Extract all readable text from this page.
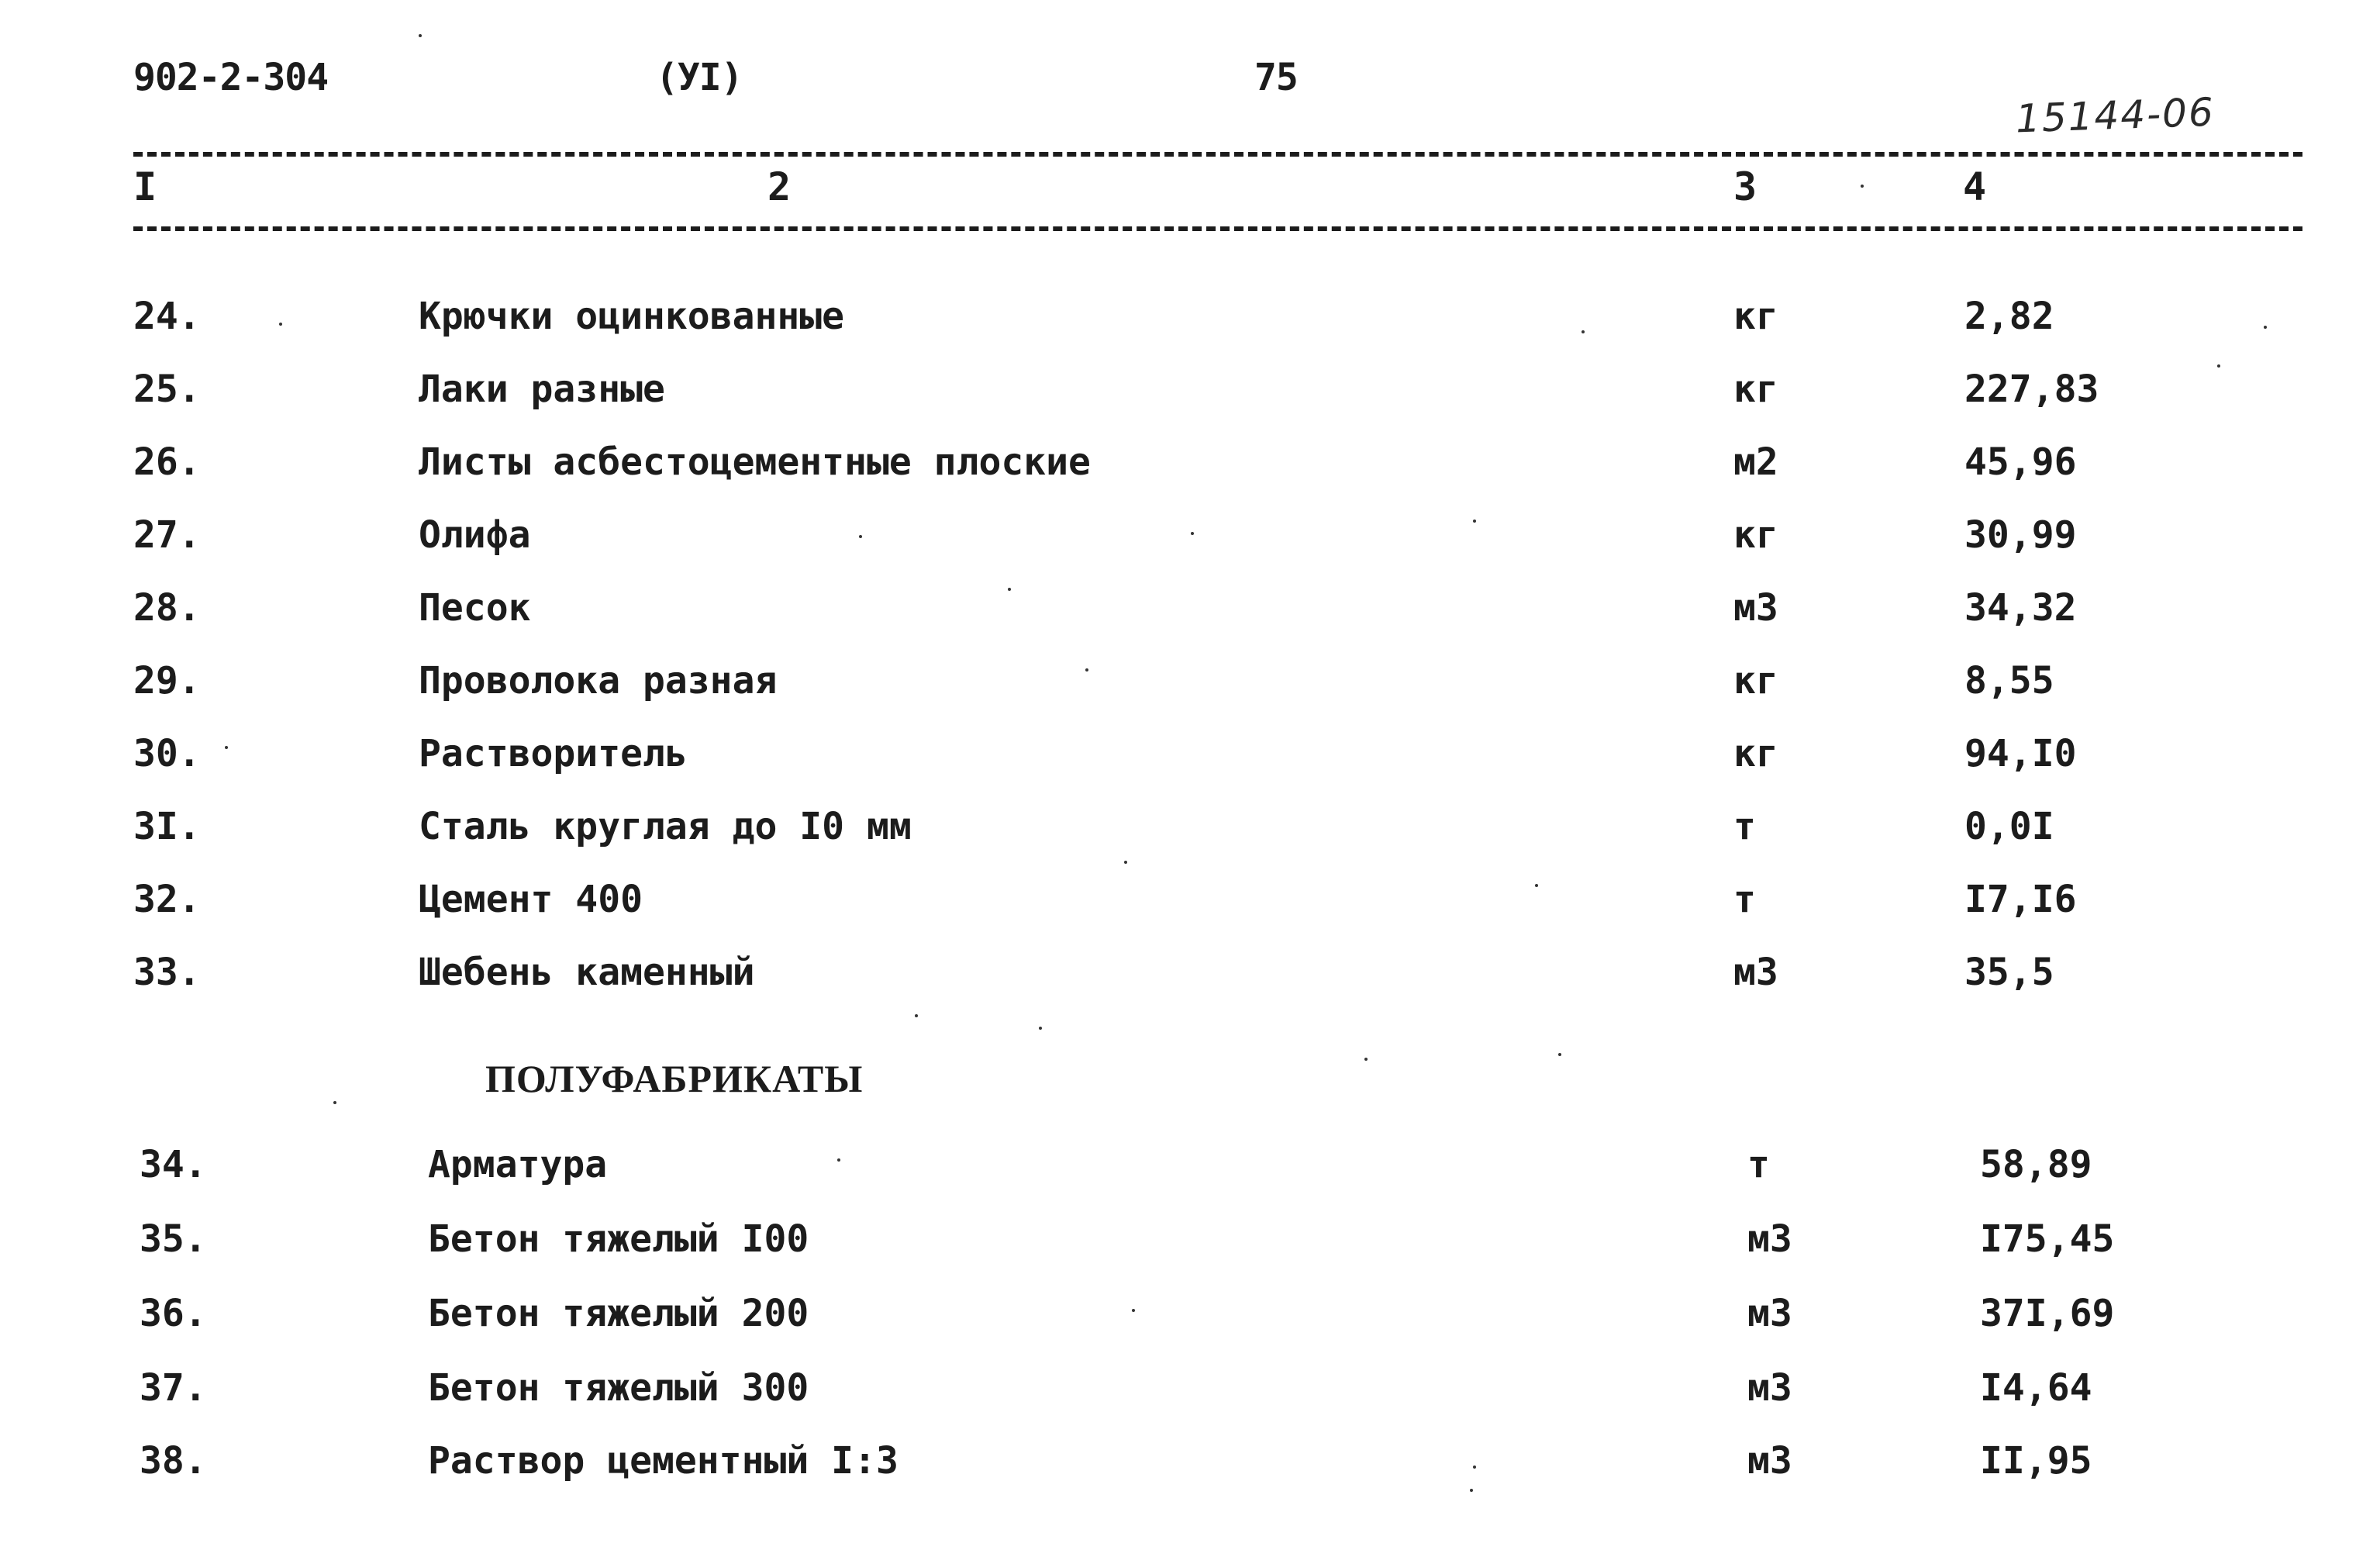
902-2-304	(УI)	75
15144-06
I	2	3	4
24.	Крючки оцинкованные	кг	2,82
25.	Лаки разные	кг	227,83
26.	Листы асбестоцементные плоские	м2	45,96
27.	Олифа	кг	30,99
28.	Песок	м3	34,32
29.	Проволока разная	кг	8,55
30.	Растворитель	кг	94,I0
3I.	Сталь круглая до I0 мм	т	0,0I
32.	Цемент 400	т	I7,I6
33.	Шебень каменный	м3	35,5
ПОЛУФАБРИКАТЫ
34.	Арматура	т	58,89
35.	Бетон тяжелый I00	м3	I75,45
36.	Бетон тяжелый 200	м3	37I,69
37.	Бетон тяжелый 300	м3	I4,64
38.	Раствор цементный I:3	м3	II,95
